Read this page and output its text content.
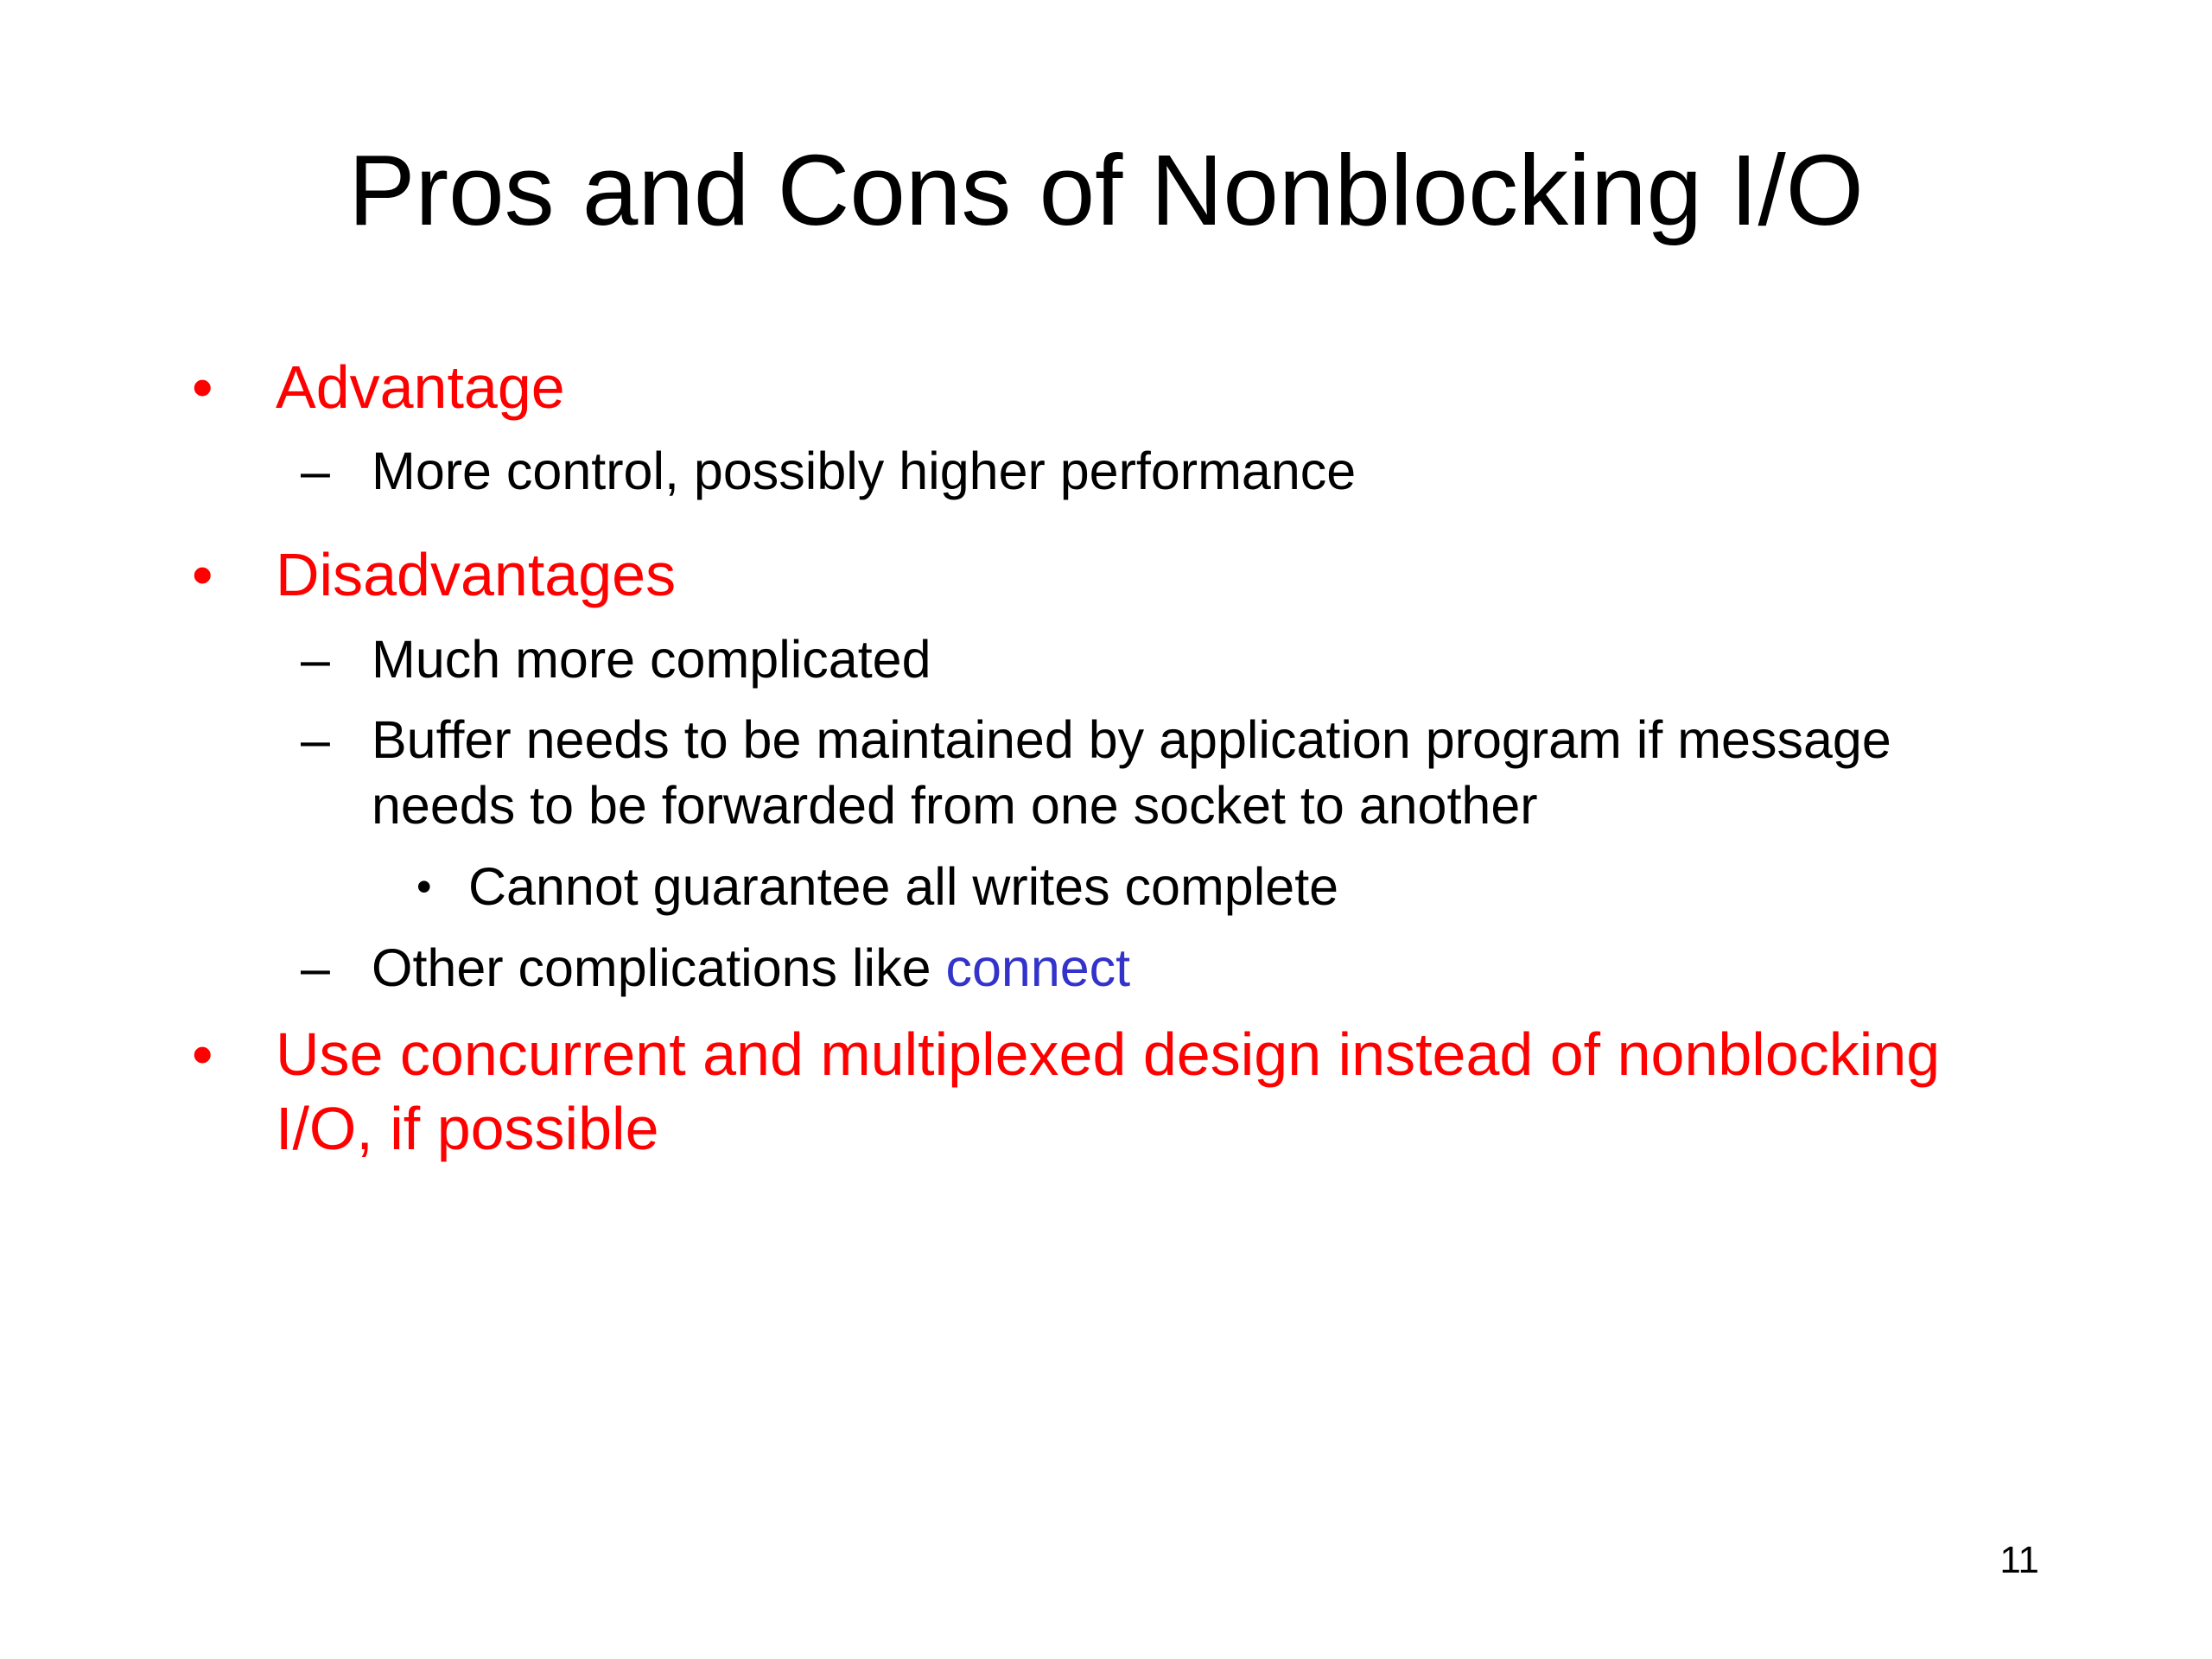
Pros and Cons of Nonblocking I/O
• Advantage
– More control, possibly higher performance
• Disadvantages
– Much more complicated
– Buffer needs to be maintained by application program if message
needs to be forwarded from one socket to another
• Cannot guarantee all writes complete
– Other complications like connect
• Use concurrent and multiplexed design instead of nonblocking
I/O, if possible
11
